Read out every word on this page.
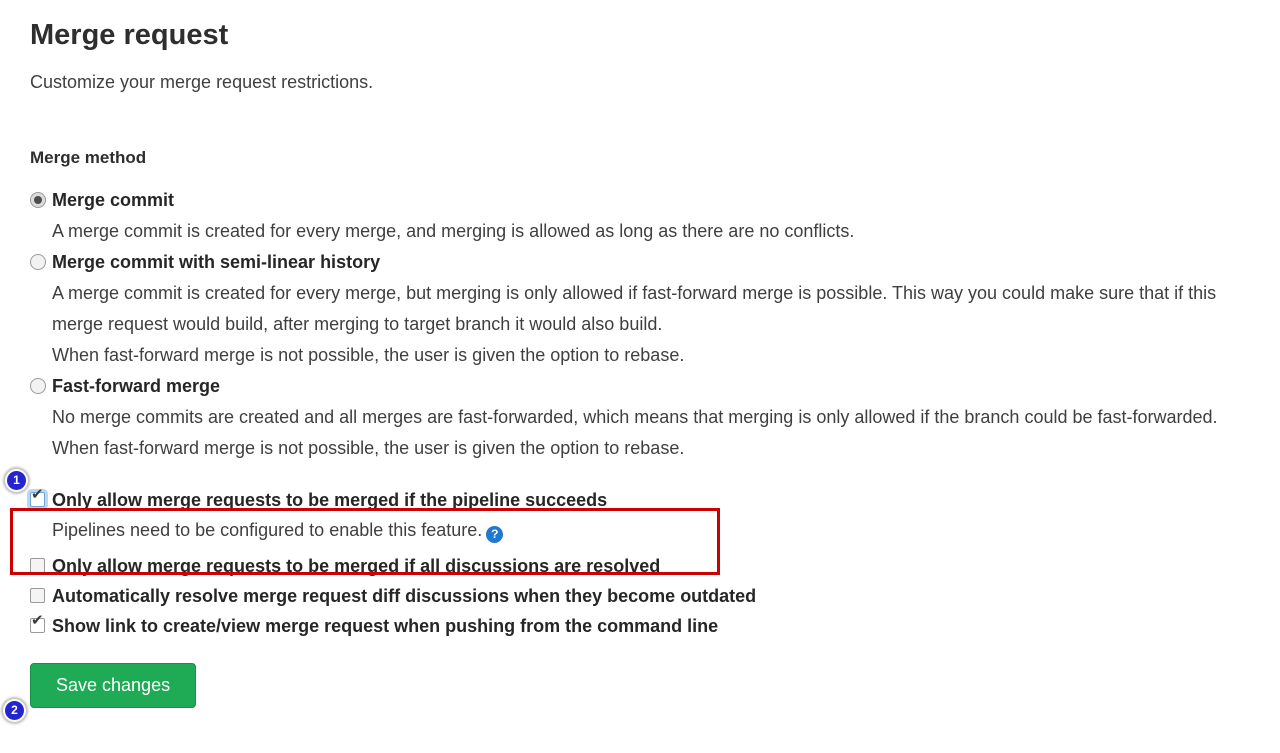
Merge request

Customize your merge request restrictions.

Merge method
Merge commit
A merge commit is created for every merge, and merging is allowed as long as there are no conflicts.
Merge commit with semi-linear history
A merge commit is created for every merge, but merging is only allowed if fast-forward merge is possible. This way you could make sure that if this merge request would build, after merging to target branch it would also build.
When fast-forward merge is not possible, the user is given the option to rebase.
Fast-forward merge
No merge commits are created and all merges are fast-forwarded, which means that merging is only allowed if the branch could be fast-forwarded.
When fast-forward merge is not possible, the user is given the option to rebase.
✔ Only allow merge requests to be merged if the pipeline succeeds
Pipelines need to be configured to enable this feature. ?
Only allow merge requests to be merged if all discussions are resolved
Automatically resolve merge request diff discussions when they become outdated
✔ Show link to create/view merge request when pushing from the command line
Save changes
1
2
